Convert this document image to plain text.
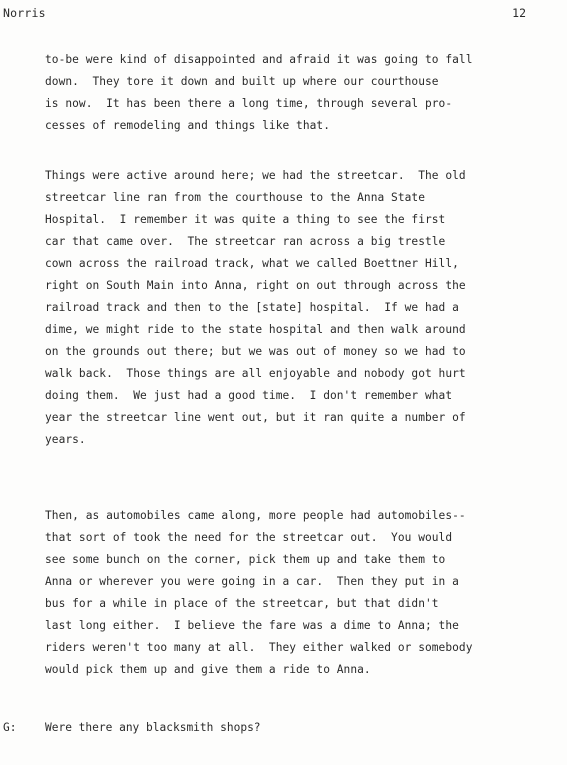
Norris	12
to-be were kind of disappointed and afraid it was going to fall
down.  They tore it down and built up where our courthouse
is now.  It has been there a long time, through several pro-
cesses of remodeling and things like that.
Things were active around here; we had the streetcar.  The old
streetcar line ran from the courthouse to the Anna State
Hospital.  I remember it was quite a thing to see the first
car that came over.  The streetcar ran across a big trestle
cown across the railroad track, what we called Boettner Hill,
right on South Main into Anna, right on out through across the
railroad track and then to the [state] hospital.  If we had a
dime, we might ride to the state hospital and then walk around
on the grounds out there; but we was out of money so we had to
walk back.  Those things are all enjoyable and nobody got hurt
doing them.  We just had a good time.  I don't remember what
year the streetcar line went out, but it ran quite a number of
years.
Then, as automobiles came along, more people had automobiles--
that sort of took the need for the streetcar out.  You would
see some bunch on the corner, pick them up and take them to
Anna or wherever you were going in a car.  Then they put in a
bus for a while in place of the streetcar, but that didn't
last long either.  I believe the fare was a dime to Anna; the
riders weren't too many at all.  They either walked or somebody
would pick them up and give them a ride to Anna.
G:	Were there any blacksmith shops?
